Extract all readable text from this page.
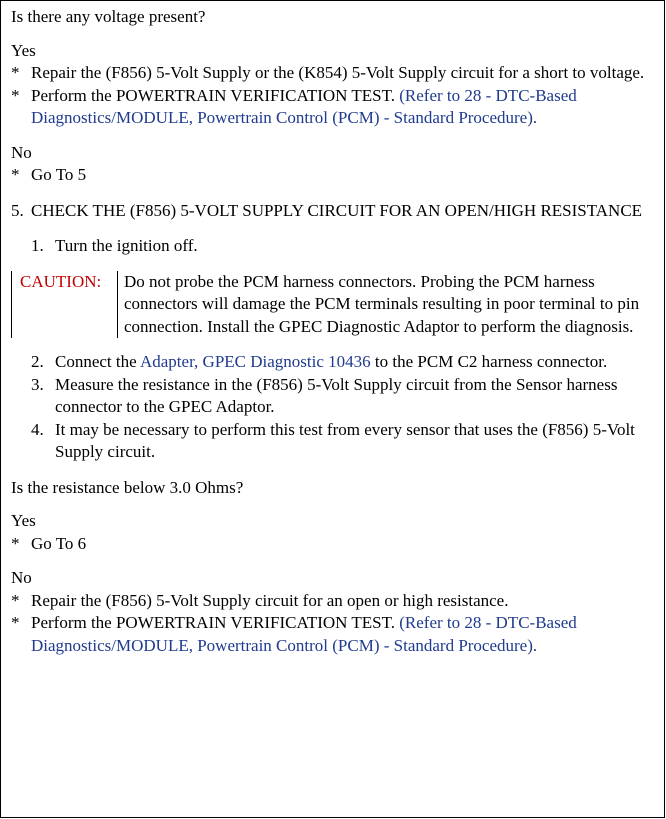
Is there any voltage present?

Yes

* Repair the (F856) 5-Volt Supply or the (K854) 5-Volt Supply circuit for a short to voltage.
* Perform the POWERTRAIN VERIFICATION TEST. (Refer to 28 - DTC-Based Diagnostics/MODULE, Powertrain Control (PCM) - Standard Procedure).

No

* Go To 5
5. CHECK THE (F856) 5-VOLT SUPPLY CIRCUIT FOR AN OPEN/HIGH RESISTANCE
1. Turn the ignition off.
CAUTION:	Do not probe the PCM harness connectors. Probing the PCM harness connectors will damage the PCM terminals resulting in poor terminal to pin connection. Install the GPEC Diagnostic Adaptor to perform the diagnosis.
2. Connect the Adapter, GPEC Diagnostic 10436 to the PCM C2 harness connector.
3. Measure the resistance in the (F856) 5-Volt Supply circuit from the Sensor harness connector to the GPEC Adaptor.
4. It may be necessary to perform this test from every sensor that uses the (F856) 5-Volt Supply circuit.

Is the resistance below 3.0 Ohms?

Yes

* Go To 6

No

* Repair the (F856) 5-Volt Supply circuit for an open or high resistance.
* Perform the POWERTRAIN VERIFICATION TEST. (Refer to 28 - DTC-Based Diagnostics/MODULE, Powertrain Control (PCM) - Standard Procedure).
